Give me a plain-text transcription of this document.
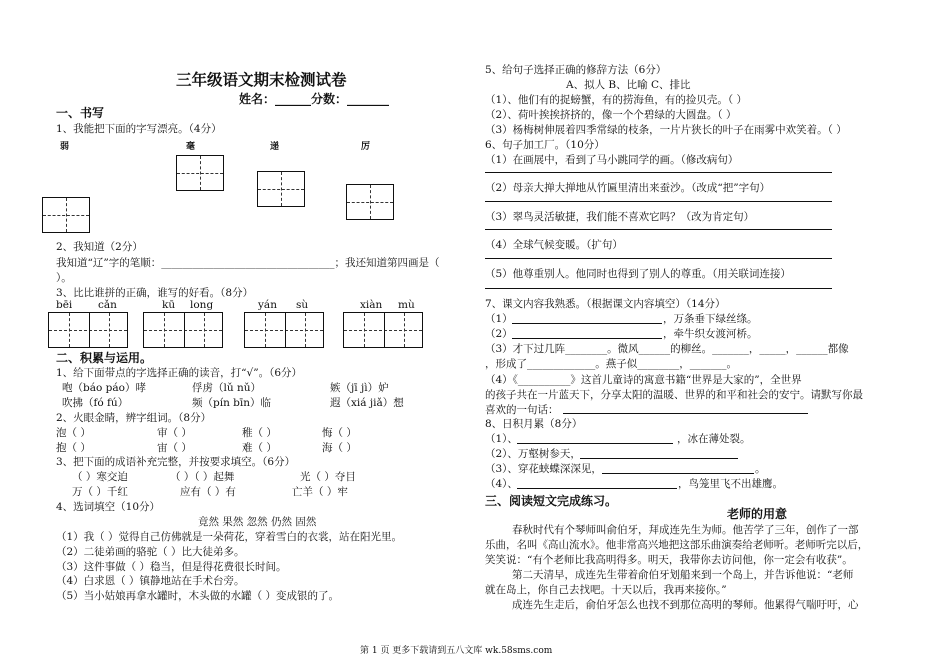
三年级语文期末检测试卷
姓名：______分数：_______
一、书写
1、我能把下面的字写漂亮。（4分）
弱	毫	递	厉
2、我知道（2分）
我知道“辽”字的笔顺：_________________________________；我还知道第四画是（
）。
3、比比谁拼的正确，谁写的好看。（8分）
bēi cǎn	kū long	yán sù	xiàn mù
二、积累与运用。
1、给下面带点的字选择正确的读音，打“√”。（6分）
咆（báo páo）哮	俘虏（lǔ nǔ）	嫉（jī jì）妒
吹拂（fó fú）	频（pín bīn）临	遐（xiá jiǎ）想
2、火眼金睛，辨字组词。（8分）
泡（ ）	审（ ）	稚（ ）	悔（ ）
抱（ ）	宙（ ）	难（ ）	海（ ）
3、把下面的成语补充完整，并按要求填空。（6分）
（ ）寒交迫	（ ）（ ）起舞	光（ ）夺目
万（ ）千红	应有（ ）有	亡羊（ ）牢
4、选词填空（10分）
竟然 果然 忽然 仍然 固然
（1）我（ ）觉得自己仿佛就是一朵荷花，穿着雪白的衣裳，站在阳光里。
（2）二徒弟画的骆驼（ ）比大徒弟多。
（3）这件事做（ ）稳当，但是得花费很长时间。
（4）白求恩（ ）镇静地站在手术台旁。
（5）当小姑娘再拿水罐时，木头做的水罐（ ）变成银的了。
5、给句子选择正确的修辞方法（6分）
A、拟人 B、比喻 C、排比
（1）、他们有的捉螃蟹，有的捞海鱼，有的捡贝壳。（ ）
（2）、荷叶挨挨挤挤的，像一个个碧绿的大圆盘。（ ）
（3）杨梅树伸展着四季常绿的枝条，一片片狭长的叶子在雨雾中欢笑着。（ ）
6、句子加工厂。（10分）
（1）在画展中，看到了马小跳同学的画。（修改病句）
（2）母亲大掸大掸地从竹匾里清出来蚕沙。（改成“把”字句）
（3）翠鸟灵活敏捷，我们能不喜欢它吗？（改为肯定句）
（4）全球气候变暖。（扩句）
（5）他尊重别人。他同时也得到了别人的尊重。（用关联词连接）
7、课文内容我熟悉。（根据课文内容填空）（14分）
（1）	，万条垂下绿丝绦。
（2）	，牵牛织女渡河桥。
（3）才下过几阵________。微风______的柳丝。_______，_____，______都像
，形成了_____________。燕子似________，_______。
（4）《__________》这首儿童诗的寓意书籍“世界是大家的”，全世界
的孩子共在一片蓝天下，分享太阳的温暖、世界的和平和社会的安宁。请默写你最
喜欢的一句话：
8、日积月累（8分）
（1）、	，冰在薄处裂。
（2）、万壑树参天，
（3）、穿花蛱蝶深深见，	。
（4）、	，鸟笼里飞不出雄鹰。
三、阅读短文完成练习。
老师的用意
春秋时代有个琴师叫俞伯牙，拜成连先生为师。他苦学了三年，创作了一部
乐曲，名叫《高山流水》。他非常高兴地把这部乐曲演奏给老师听。老师听完以后，
笑笑说：“有个老师比我高明得多。明天，我带你去访问他，你一定会有收获”。
第二天清早，成连先生带着俞伯牙划船来到一个岛上，并告诉他说：“老师
就在岛上，你自己去找吧。十天以后，我再来接你。”
成连先生走后，俞伯牙怎么也找不到那位高明的琴师。他累得气喘吁吁，心
第 1 页 更多下载请到五八文库 wk.58sms.com
